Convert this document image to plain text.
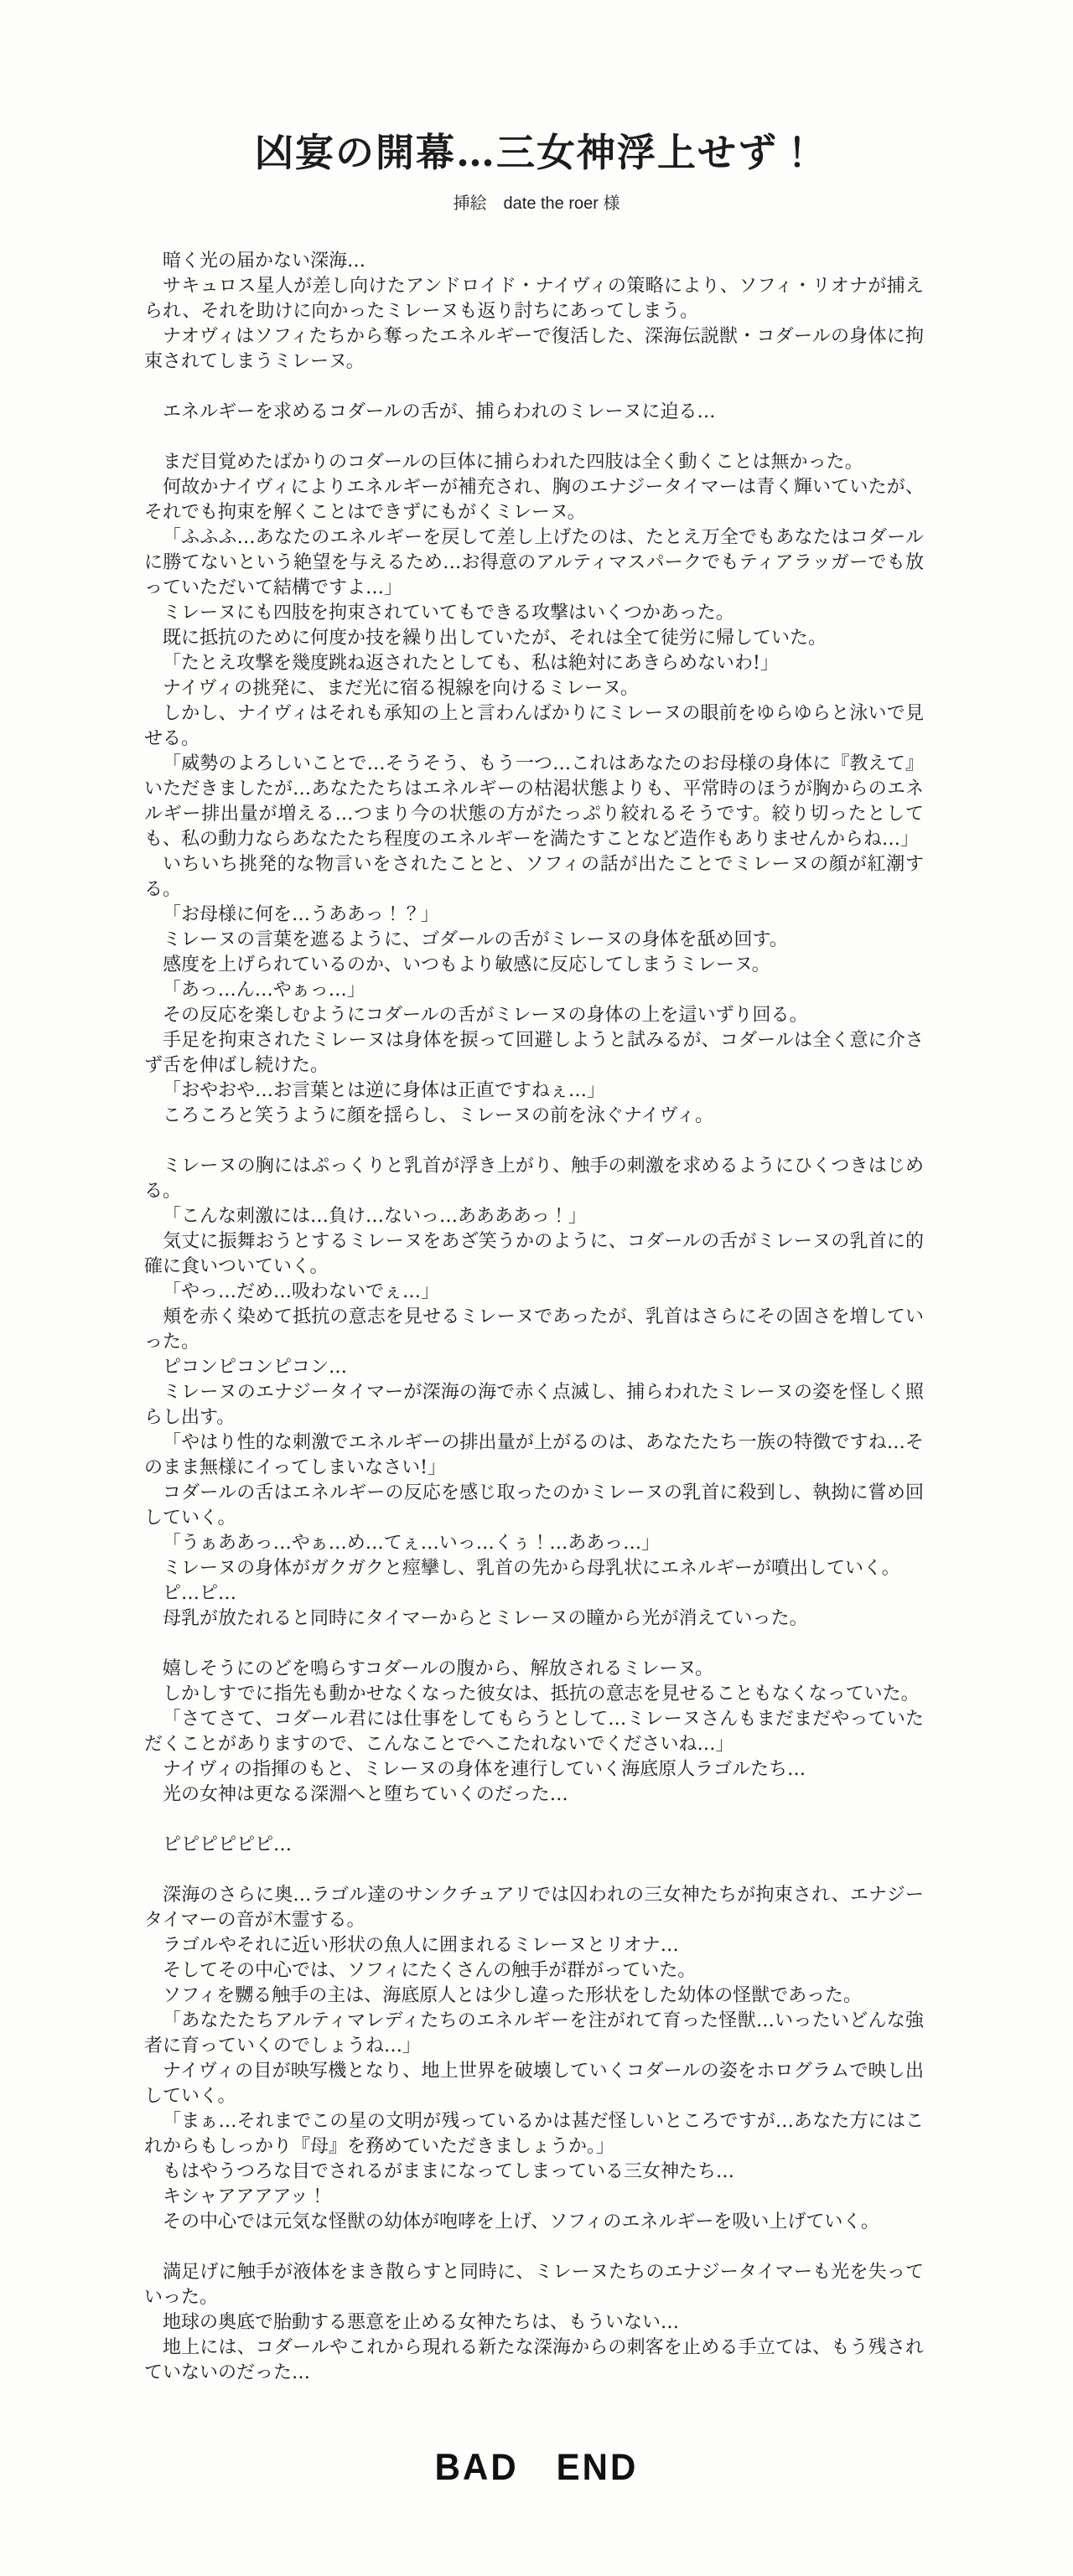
凶宴の開幕…三女神浮上せず！
挿絵　date the roer 様

暗く光の届かない深海…

サキュロス星人が差し向けたアンドロイド・ナイヴィの策略により、ソフィ・リオナが捕えられ、それを助けに向かったミレーヌも返り討ちにあってしまう。

ナオヴィはソフィたちから奪ったエネルギーで復活した、深海伝説獣・コダールの身体に拘束されてしまうミレーヌ。

エネルギーを求めるコダールの舌が、捕らわれのミレーヌに迫る…

まだ目覚めたばかりのコダールの巨体に捕らわれた四肢は全く動くことは無かった。

何故かナイヴィによりエネルギーが補充され、胸のエナジータイマーは青く輝いていたが、それでも拘束を解くことはできずにもがくミレーヌ。

「ふふふ…あなたのエネルギーを戻して差し上げたのは、たとえ万全でもあなたはコダールに勝てないという絶望を与えるため…お得意のアルティマスパークでもティアラッガーでも放っていただいて結構ですよ…」

ミレーヌにも四肢を拘束されていてもできる攻撃はいくつかあった。

既に抵抗のために何度か技を繰り出していたが、それは全て徒労に帰していた。

「たとえ攻撃を幾度跳ね返されたとしても、私は絶対にあきらめないわ!」

ナイヴィの挑発に、まだ光に宿る視線を向けるミレーヌ。

しかし、ナイヴィはそれも承知の上と言わんばかりにミレーヌの眼前をゆらゆらと泳いで見せる。

「威勢のよろしいことで…そうそう、もう一つ…これはあなたのお母様の身体に『教えて』いただきましたが…あなたたちはエネルギーの枯渇状態よりも、平常時のほうが胸からのエネルギー排出量が増える…つまり今の状態の方がたっぷり絞れるそうです。絞り切ったとしても、私の動力ならあなたたち程度のエネルギーを満たすことなど造作もありませんからね…」

いちいち挑発的な物言いをされたことと、ソフィの話が出たことでミレーヌの顔が紅潮する。

「お母様に何を…うああっ！？」

ミレーヌの言葉を遮るように、ゴダールの舌がミレーヌの身体を舐め回す。

感度を上げられているのか、いつもより敏感に反応してしまうミレーヌ。

「あっ…ん…やぁっ…」

その反応を楽しむようにコダールの舌がミレーヌの身体の上を這いずり回る。

手足を拘束されたミレーヌは身体を捩って回避しようと試みるが、コダールは全く意に介さず舌を伸ばし続けた。

「おやおや…お言葉とは逆に身体は正直ですねぇ…」

ころころと笑うように顔を揺らし、ミレーヌの前を泳ぐナイヴィ。

ミレーヌの胸にはぷっくりと乳首が浮き上がり、触手の刺激を求めるようにひくつきはじめる。

「こんな刺激には…負け…ないっ…ああああっ！」

気丈に振舞おうとするミレーヌをあざ笑うかのように、コダールの舌がミレーヌの乳首に的確に食いついていく。

「やっ…だめ…吸わないでぇ…」

頬を赤く染めて抵抗の意志を見せるミレーヌであったが、乳首はさらにその固さを増していった。

ピコンピコンピコン…

ミレーヌのエナジータイマーが深海の海で赤く点滅し、捕らわれたミレーヌの姿を怪しく照らし出す。

「やはり性的な刺激でエネルギーの排出量が上がるのは、あなたたち一族の特徴ですね…そのまま無様にイってしまいなさい!」

コダールの舌はエネルギーの反応を感じ取ったのかミレーヌの乳首に殺到し、執拗に嘗め回していく。

「うぁああっ…やぁ…め…てぇ…いっ…くぅ！…ああっ…」

ミレーヌの身体がガクガクと痙攣し、乳首の先から母乳状にエネルギーが噴出していく。

ピ…ピ…

母乳が放たれると同時にタイマーからとミレーヌの瞳から光が消えていった。

嬉しそうにのどを鳴らすコダールの腹から、解放されるミレーヌ。

しかしすでに指先も動かせなくなった彼女は、抵抗の意志を見せることもなくなっていた。

「さてさて、コダール君には仕事をしてもらうとして…ミレーヌさんもまだまだやっていただくことがありますので、こんなことでへこたれないでくださいね…」

ナイヴィの指揮のもと、ミレーヌの身体を連行していく海底原人ラゴルたち…

光の女神は更なる深淵へと堕ちていくのだった…

ピピピピピピ…

深海のさらに奥…ラゴル達のサンクチュアリでは囚われの三女神たちが拘束され、エナジータイマーの音が木霊する。

ラゴルやそれに近い形状の魚人に囲まれるミレーヌとリオナ…

そしてその中心では、ソフィにたくさんの触手が群がっていた。

ソフィを嬲る触手の主は、海底原人とは少し違った形状をした幼体の怪獣であった。

「あなたたちアルティマレディたちのエネルギーを注がれて育った怪獣…いったいどんな強者に育っていくのでしょうね…」

ナイヴィの目が映写機となり、地上世界を破壊していくコダールの姿をホログラムで映し出していく。

「まぁ…それまでこの星の文明が残っているかは甚だ怪しいところですが…あなた方にはこれからもしっかり『母』を務めていただきましょうか。」

もはやうつろな目でされるがままになってしまっている三女神たち…

キシャアアアアッ！

その中心では元気な怪獣の幼体が咆哮を上げ、ソフィのエネルギーを吸い上げていく。

満足げに触手が液体をまき散らすと同時に、ミレーヌたちのエナジータイマーも光を失っていった。

地球の奥底で胎動する悪意を止める女神たちは、もういない…

地上には、コダールやこれから現れる新たな深海からの刺客を止める手立ては、もう残されていないのだった…

BAD　END
